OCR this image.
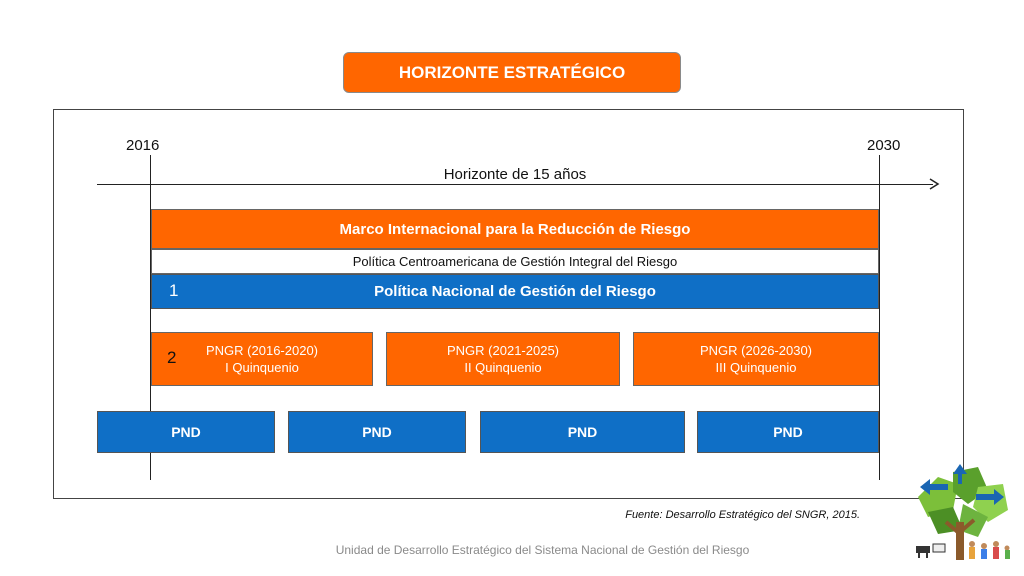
HORIZONTE ESTRATÉGICO
2016	2030
Horizonte de 15 años
Marco Internacional para la Reducción de Riesgo
Política Centroamericana de Gestión Integral del Riesgo
Política Nacional de Gestión del Riesgo
1
PNGR (2016-2020)
I Quinquenio
2	PNGR (2021-2025)
II Quinquenio
PNGR (2026-2030)
III Quinquenio
PND	PND	PND	PND
Fuente: Desarrollo Estratégico del SNGR, 2015.
Unidad de Desarrollo Estratégico del Sistema Nacional de Gestión del Riesgo
